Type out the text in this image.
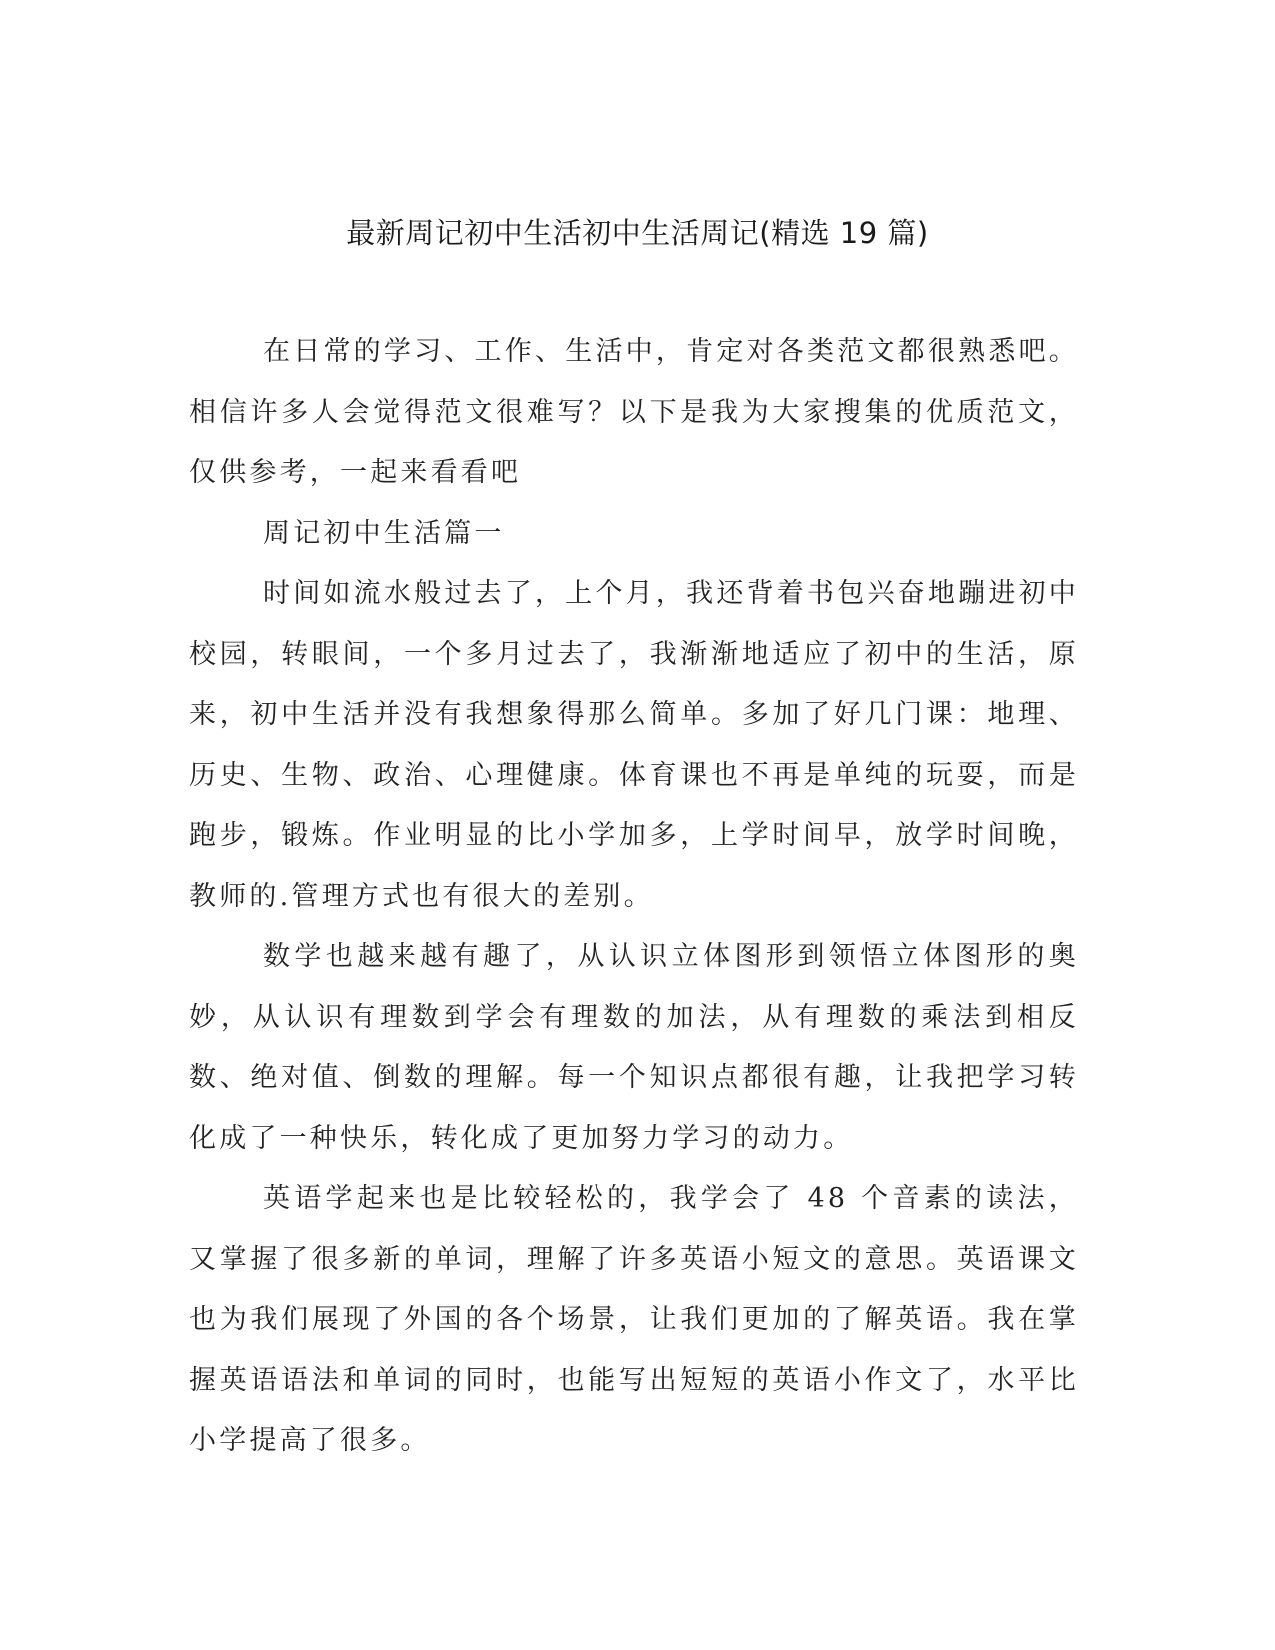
最新周记初中生活初中生活周记(精选 19 篇)

在日常的学习、工作、生活中，肯定对各类范文都很熟悉吧。相信许多人会觉得范文很难写？以下是我为大家搜集的优质范文，仅供参考，一起来看看吧

周记初中生活篇一

时间如流水般过去了，上个月，我还背着书包兴奋地蹦进初中校园，转眼间，一个多月过去了，我渐渐地适应了初中的生活，原来，初中生活并没有我想象得那么简单。多加了好几门课：地理、历史、生物、政治、心理健康。体育课也不再是单纯的玩耍，而是跑步，锻炼。作业明显的比小学加多，上学时间早，放学时间晚，教师的.管理方式也有很大的差别。

数学也越来越有趣了，从认识立体图形到领悟立体图形的奥妙，从认识有理数到学会有理数的加法，从有理数的乘法到相反数、绝对值、倒数的理解。每一个知识点都很有趣，让我把学习转化成了一种快乐，转化成了更加努力学习的动力。

英语学起来也是比较轻松的，我学会了 48 个音素的读法，又掌握了很多新的单词，理解了许多英语小短文的意思。英语课文也为我们展现了外国的各个场景，让我们更加的了解英语。我在掌握英语语法和单词的同时，也能写出短短的英语小作文了，水平比小学提高了很多。
